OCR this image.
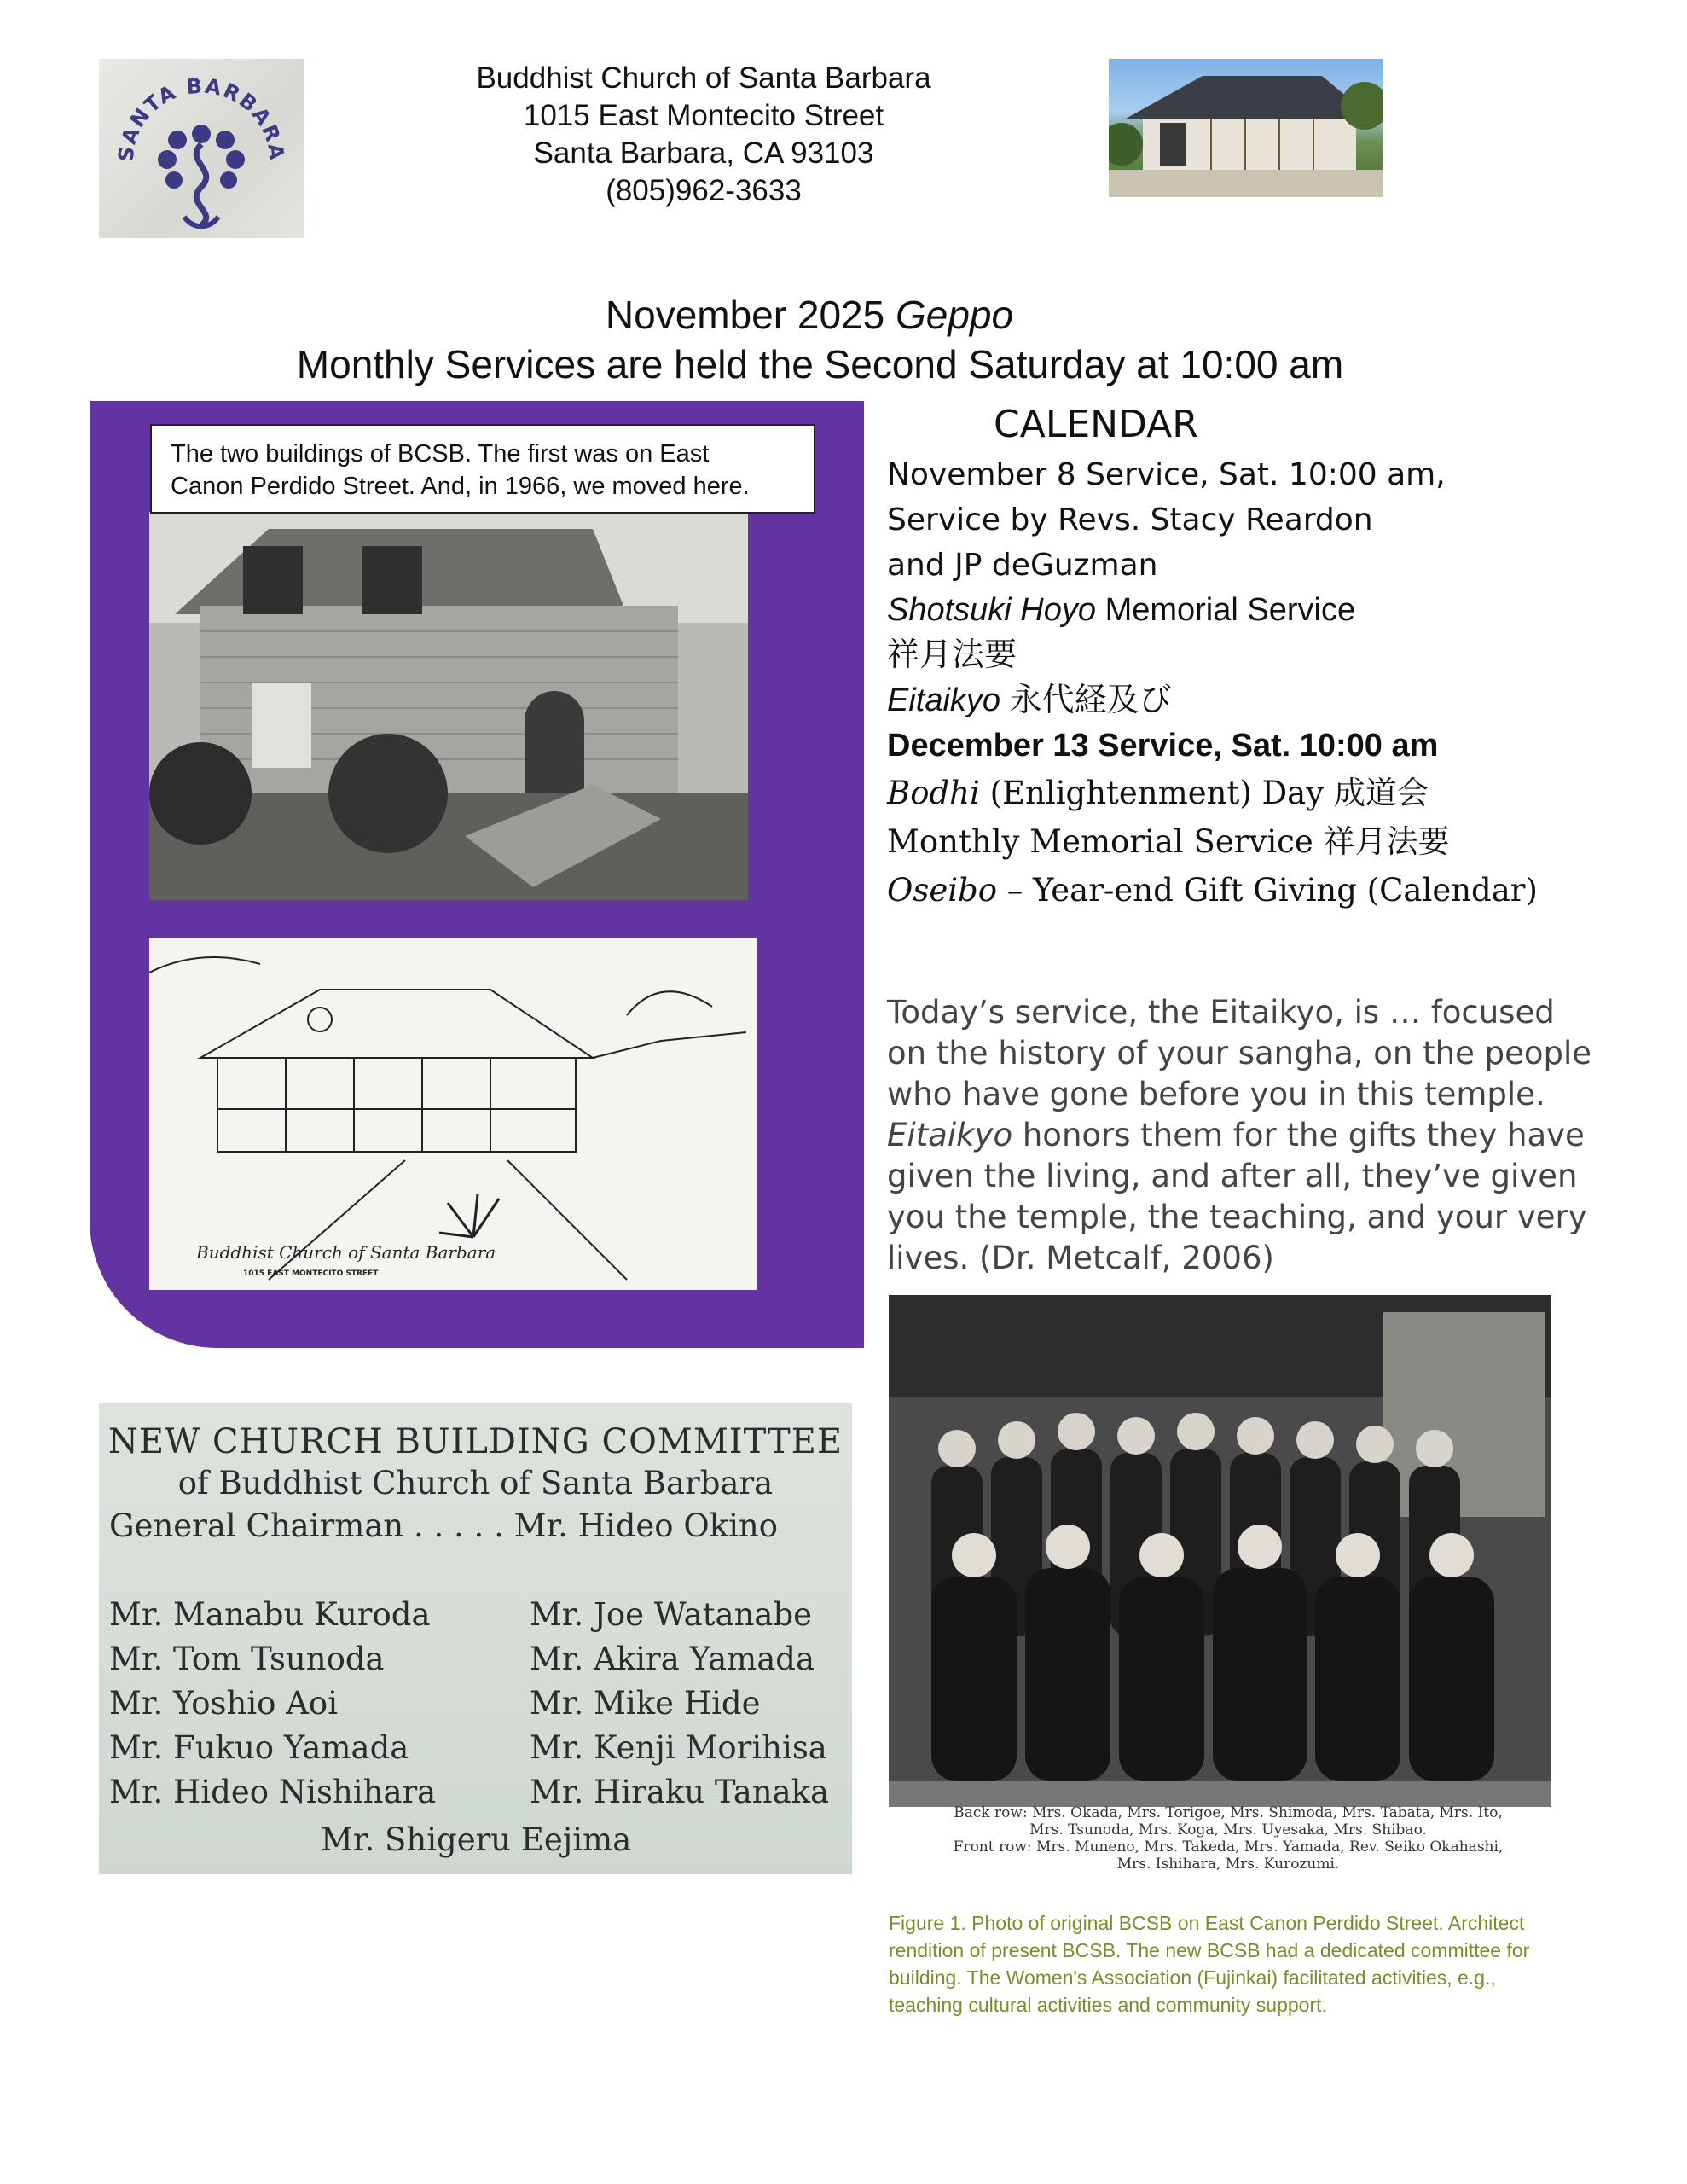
SANTA BARBARA
Buddhist Church of Santa Barbara
1015 East Montecito Street
Santa Barbara, CA 93103
(805)962-3633
November 2025 Geppo
Monthly Services are held the Second Saturday at 10:00 am
The two buildings of BCSB. The first was on East
Canon Perdido Street. And, in 1966, we moved here.
Buddhist Church of Santa Barbara
1015 EAST MONTECITO STREET
CALENDAR
November 8 Service, Sat. 10:00 am,
Service by Revs. Stacy Reardon
and JP deGuzman
Shotsuki Hoyo Memorial Service
祥月法要
Eitaikyo 永代経及び
December 13 Service, Sat. 10:00 am
Bodhi (Enlightenment) Day 成道会
Monthly Memorial Service 祥月法要
Oseibo – Year-end Gift Giving (Calendar)
Today’s service, the Eitaikyo, is … focused
on the history of your sangha, on the people
who have gone before you in this temple.
Eitaikyo honors them for the gifts they have
given the living, and after all, they’ve given
you the temple, the teaching, and your very
lives. (Dr. Metcalf, 2006)
NEW CHURCH BUILDING COMMITTEE
of Buddhist Church of Santa Barbara
General Chairman . . . . . Mr. Hideo Okino
Mr. Manabu Kuroda
Mr. Tom Tsunoda
Mr. Yoshio Aoi
Mr. Fukuo Yamada
Mr. Hideo Nishihara
Mr. Joe Watanabe
Mr. Akira Yamada
Mr. Mike Hide
Mr. Kenji Morihisa
Mr. Hiraku Tanaka
Mr. Shigeru Eejima
Back row: Mrs. Okada, Mrs. Torigoe, Mrs. Shimoda, Mrs. Tabata, Mrs. Ito,
Mrs. Tsunoda, Mrs. Koga, Mrs. Uyesaka, Mrs. Shibao.
Front row: Mrs. Muneno, Mrs. Takeda, Mrs. Yamada, Rev. Seiko Okahashi,
Mrs. Ishihara, Mrs. Kurozumi.
Figure 1. Photo of original BCSB on East Canon Perdido Street. Architect
rendition of present BCSB. The new BCSB had a dedicated committee for
building. The Women's Association (Fujinkai) facilitated activities, e.g.,
teaching cultural activities and community support.
